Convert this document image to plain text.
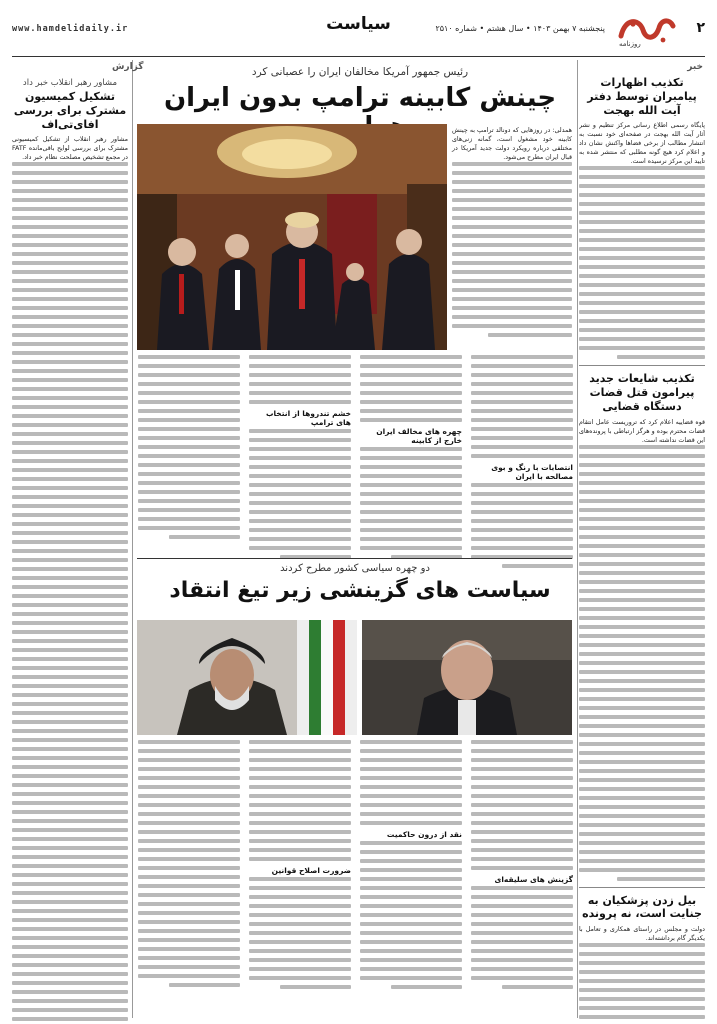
۲
روزنامه
پنجشنبه ۷ بهمن ۱۴۰۳ • سال هشتم • شماره ۲۵۱۰
سیاست
www.hamdelidaily.ir
خبر
تکذیب اظهارات پیامبران توسط دفتر آیت الله بهجت
پایگاه رسمی اطلاع رسانی مرکز تنظیم و نشر آثار آیت الله بهجت در صفحه‌ای خود نسبت به انتشار مطالب از برخی فضاها واکنش نشان داد و اعلام کرد هیچ گونه مطلبی که منتشر شده به تایید این مرکز نرسیده است.
تکذیب شایعات جدید پیرامون قتل قضات دستگاه قضایی
قوه قضاییه اعلام کرد که تروریست عامل انتقام قضات محترم بوده و هرگز ارتباطی با پرونده‌های این قضات نداشته است.
بیل زدن پزشکیان به جنایت است، نه پرونده
دولت و مجلس در راستای همکاری و تعامل با یکدیگر گام برداشته‌اند.
رئیس جمهور آمریکا مخالفان ایران را عصبانی کرد
چینش کابینه ترامپ بدون ایران
همدلی: در روزهایی که دونالد ترامپ به چینش کابینه خود مشغول است، گمانه زنی‌های مختلفی درباره رویکرد دولت جدید آمریکا در قبال ایران مطرح می‌شود.
انتصابات با رنگ و بوی مصالحه با ایران
چهره های مخالف ایران خارج از کابینه
خشم تندروها از انتخاب های ترامپ
دو چهره سیاسی کشور مطرح کردند
سیاست های گزینشی زیر تیغ انتقاد
گزینش های سلیقه‌ای
نقد از درون حاکمیت
ضرورت اصلاح قوانین
گزارش
مشاور رهبر انقلاب خبر داد
تشکیل کمیسیون مشترک برای بررسی افای‌تی‌اف
مشاور رهبر انقلاب از تشکیل کمیسیونی مشترک برای بررسی لوایح باقی‌مانده FATF در مجمع تشخیص مصلحت نظام خبر داد.
